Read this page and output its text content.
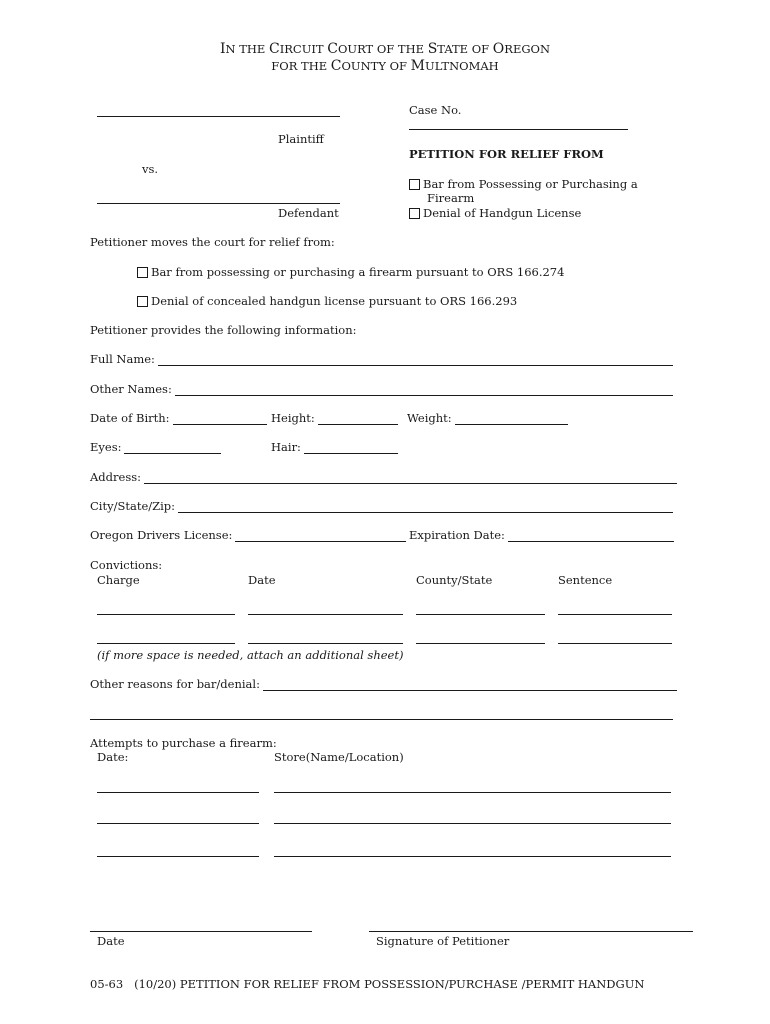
IN THE CIRCUIT COURT OF THE STATE OF OREGON
FOR THE COUNTY OF MULTNOMAH
Plaintiff
vs.
Defendant
Case No.
PETITION FOR RELIEF FROM
Bar from Possessing or Purchasing a
Firearm
Denial of Handgun License
Petitioner moves the court for relief from:
Bar from possessing or purchasing a firearm pursuant to ORS 166.274
Denial of concealed handgun license pursuant to ORS 166.293
Petitioner provides the following information:
Full Name:
Other Names:
Date of Birth:	Height:	Weight:
Eyes:	Hair:
Address:
City/State/Zip:
Oregon Drivers License:	Expiration Date:
Convictions:
Charge	Date	County/State	Sentence
(if more space is needed, attach an additional sheet)
Other reasons for bar/denial:
Attempts to purchase a firearm:
Date:	Store(Name/Location)
Date	Signature of Petitioner
05-63   (10/20) PETITION FOR RELIEF FROM POSSESSION/PURCHASE /PERMIT HANDGUN
